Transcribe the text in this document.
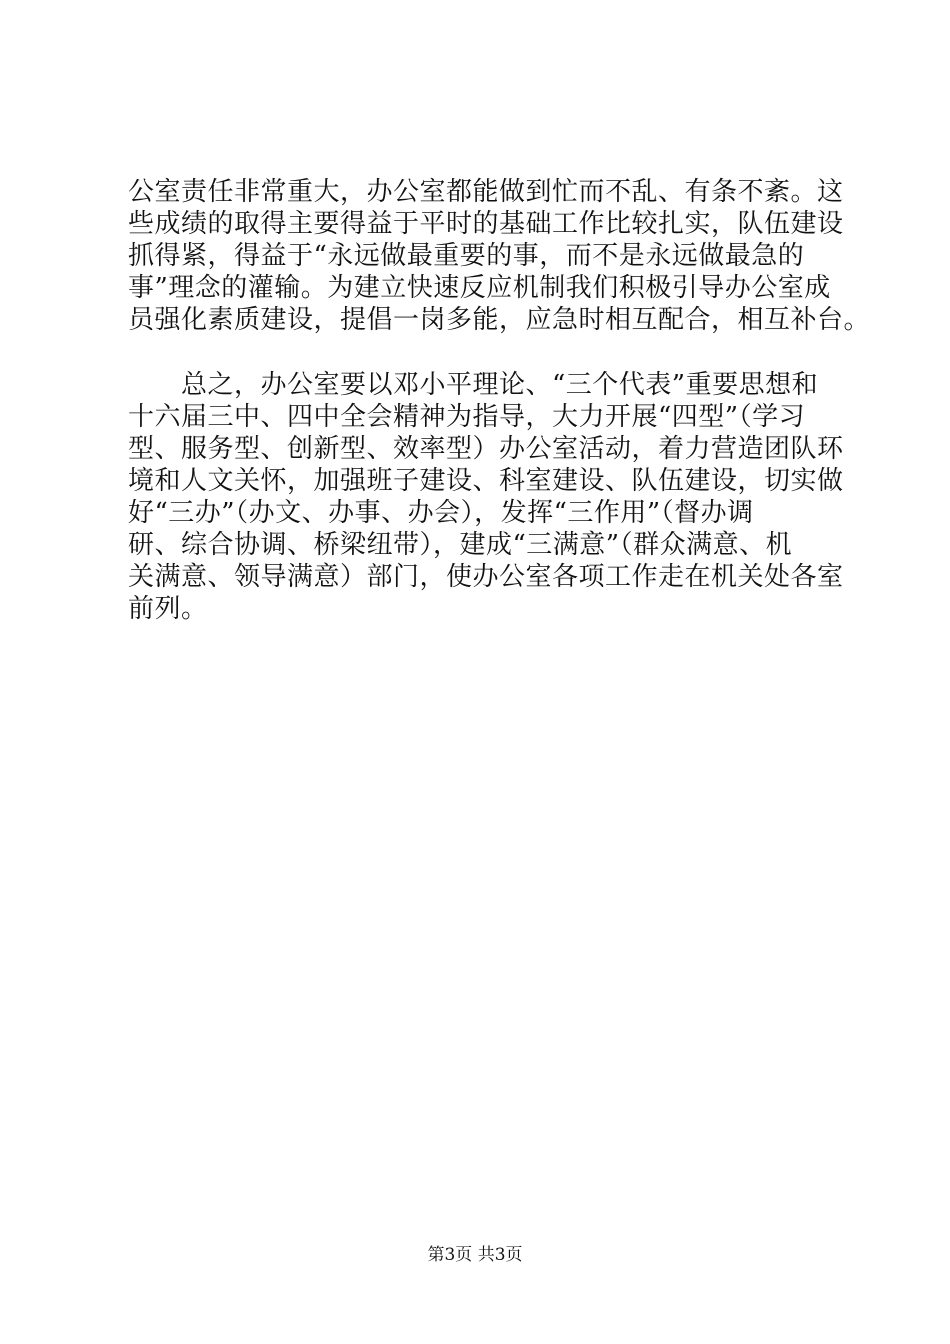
公室责任非常重大，办公室都能做到忙而不乱、有条不紊。这
些成绩的取得主要得益于平时的基础工作比较扎实，队伍建设
抓得紧，得益于“永远做最重要的事，而不是永远做最急的
事”理念的灌输。为建立快速反应机制我们积极引导办公室成
员强化素质建设，提倡一岗多能，应急时相互配合，相互补台。
　　总之，办公室要以邓小平理论、“三个代表”重要思想和
十六届三中、四中全会精神为指导，大力开展“四型”（学习
型、服务型、创新型、效率型）办公室活动，着力营造团队环
境和人文关怀，加强班子建设、科室建设、队伍建设，切实做
好“三办”（办文、办事、办会），发挥“三作用”（督办调
研、综合协调、桥梁纽带），建成“三满意”（群众满意、机
关满意、领导满意）部门，使办公室各项工作走在机关处各室
前列。
第3页 共3页
